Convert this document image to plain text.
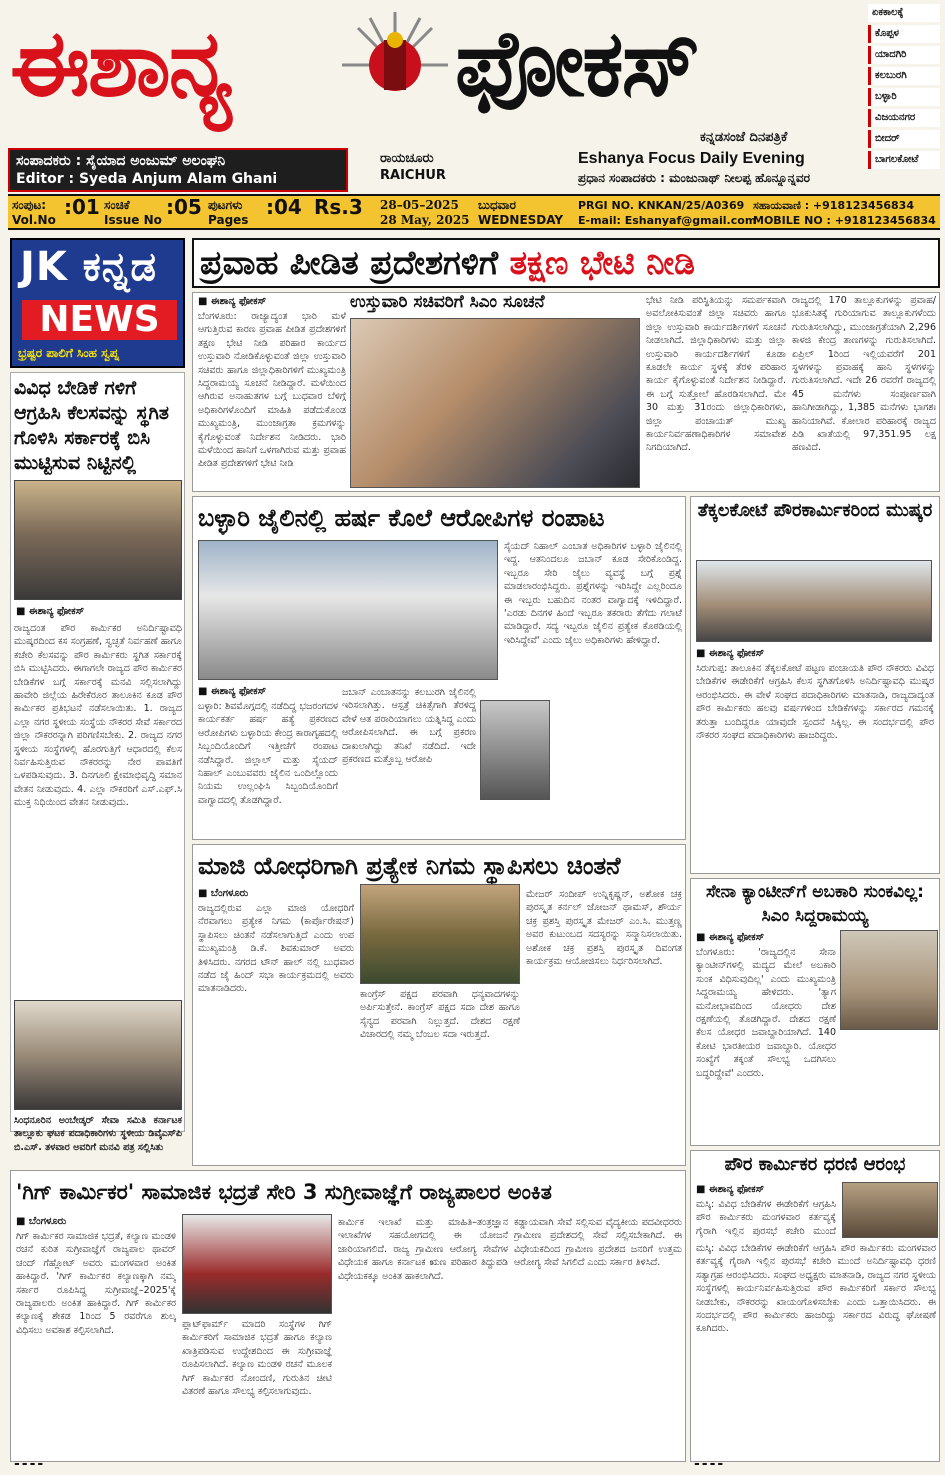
ಈಶಾನ್ಯ ಫೋಕಸ್	ಏಕಕಾಲಕ್ಕೆ
ಕೊಪ್ಪಳ
ಯಾದಗಿರಿ
ಕಲಬುರಗಿ
ಬಳ್ಳಾರಿ
ವಿಜಯನಗರ
ಬೀದರ್
ಬಾಗಲಕೋಟೆ
ಕನ್ನಡಸಂಜೆ ದಿನಪತ್ರಿಕೆ
ಸಂಪಾದಕರು : ಸೈಯಾದ ಅಂಜುಮ್ ಅಲಂಘನಿ
Editor : Syeda Anjum Alam Ghani
ರಾಯಚೂರು
RAICHUR
Eshanya Focus Daily Evening
ಪ್ರಧಾನ ಸಂಪಾದಕರು : ಮಂಜುನಾಥ್ ನೀಲಪ್ಪ ಹೊನ್ನೂನ್ನವರ
ಸಂಪುಟ:
Vol.No
:01 ಸಂಚಿಕೆ
Issue No
:05 ಪುಟಗಳು
Pages
:04 Rs.3 28–05–2025
28 May, 2025
ಬುಧವಾರ
WEDNESDAY
PRGI NO. KNKAN/25/A0369
E-mail: Eshanyaf@gmail.com
ಸಹಾಯವಾಣಿ : +918123456834
MOBILE NO : +918123456834
JK ಕನ್ನಡ
NEWS
ಭ್ರಷ್ಟರ ಪಾಲಿಗೆ ಸಿಂಹ ಸ್ವಪ್ನ
ವಿವಿಧ ಬೇಡಿಕೆ ಗಳಿಗೆ ಆಗ್ರಹಿಸಿ ಕೆಲಸವನ್ನು ಸ್ಥಗಿತ ಗೊಳಿಸಿ ಸರ್ಕಾರಕ್ಕೆ ಬಿಸಿ ಮುಟ್ಟಿಸುವ ನಿಟ್ಟಿನಲ್ಲಿ
■ ಈಶಾನ್ಯ ಫೋಕಸ್
ರಾಜ್ಯದಂತ ಪೌರ ಕಾರ್ಮಿಕರ ಅನಿರ್ದಿಷ್ಟಾವಧಿ ಮುಷ್ಕರದಿಂದ ಕಸ ಸಂಗ್ರಹಣೆ, ಸ್ವಚ್ಛತೆ ನಿರ್ವಹಣೆ ಹಾಗೂ ಕಚೇರಿ ಕೆಲಸವನ್ನು ಪೌರ ಕಾರ್ಮಿಕರು ಸ್ಥಗಿತ ಸರ್ಕಾರಕ್ಕೆ ಬಿಸಿ ಮುಟ್ಟಿಸಿದರು. ಈಗಾಗಲೇ ರಾಜ್ಯದ ಪೌರ ಕಾರ್ಮಿಕರ ಬೇಡಿಕೆಗಳ ಬಗ್ಗೆ ಸರ್ಕಾರಕ್ಕೆ ಮನವಿ ಸಲ್ಲಿಸಲಾಗಿದ್ದು ಹಾವೇರಿ ಜಿಲ್ಲೆಯ ಹಿರೇಕೆರೂರ ತಾಲೂಕಿನ ಕೂಡ ಪೌರ ಕಾರ್ಮಿಕರ ಪ್ರತಿಭಟನೆ ನಡೆಸಲಾಯಿತು. 1. ರಾಜ್ಯದ ಎಲ್ಲಾ ನಗರ ಸ್ಥಳೀಯ ಸಂಸ್ಥೆಯ ನೌಕರರ ಸೇವೆ ಸರ್ಕಾರದ ಜಿಲ್ಲಾ ನೌಕರರನ್ನಾಗಿ ಪರಿಗಣಿಸಬೇಕು. 2. ರಾಜ್ಯದ ನಗರ ಸ್ಥಳೀಯ ಸಂಸ್ಥೆಗಳಲ್ಲಿ ಹೊರಗುತ್ತಿಗೆ ಆಧಾರದಲ್ಲಿ ಕೆಲಸ ನಿರ್ವಹಿಸುತ್ತಿರುವ ನೌಕರರನ್ನು ನೇರ ಪಾವತಿಗೆ ಒಳಪಡಿಸುವುದು. 3. ದಿನಗೂಲಿ ಕ್ಷೇಮಾಭಿವೃದ್ಧಿ ಸಮಾನ ವೇತನ ನೀಡುವುದು. 4. ಎಲ್ಲಾ ನೌಕರರಿಗೆ ಎಸ್.ಎಫ್.ಸಿ ಮುಕ್ತ ನಿಧಿಯಿಂದ ವೇತನ ನೀಡುವುದು.
ಸಿಂಧನೂರಿನ ಅಂಬೇಡ್ಕರ್ ಸೇವಾ ಸಮಿತಿ ಕರ್ನಾಟಕ ತಾಲ್ಲೂಕು ಘಟಕ ಪದಾಧಿಕಾರಿಗಳು ಸ್ಥಳೀಯ ಡಿವೈಎಸ್‌ಪಿ ಬಿ.ಎಸ್. ತಳವಾರ ಅವರಿಗೆ ಮನವಿ ಪತ್ರ ಸಲ್ಲಿಸಿತು
ಪ್ರವಾಹ ಪೀಡಿತ ಪ್ರದೇಶಗಳಿಗೆ ತಕ್ಷಣ ಭೇಟಿ ನೀಡಿ
■ ಈಶಾನ್ಯ ಫೋಕಸ್	ಉಸ್ತುವಾರಿ ಸಚಿವರಿಗೆ ಸಿಎಂ ಸೂಚನೆ
ಬೆಂಗಳೂರು: ರಾಜ್ಯಾದ್ಯಂತ ಭಾರಿ ಮಳೆ ಆಗುತ್ತಿರುವ ಕಾರಣ ಪ್ರವಾಹ ಪೀಡಿತ ಪ್ರದೇಶಗಳಿಗೆ ತಕ್ಷಣ ಭೇಟಿ ನೀಡಿ ಪರಿಹಾರ ಕಾರ್ಯದ ಉಸ್ತುವಾರಿ ನೋಡಿಕೊಳ್ಳುವಂತೆ ಜಿಲ್ಲಾ ಉಸ್ತುವಾರಿ ಸಚಿವರು ಹಾಗೂ ಜಿಲ್ಲಾಧಿಕಾರಿಗಳಿಗೆ ಮುಖ್ಯಮಂತ್ರಿ ಸಿದ್ದರಾಮಯ್ಯ ಸೂಚನೆ ನೀಡಿದ್ದಾರೆ. ಮಳೆಯಿಂದ ಆಗಿರುವ ಅನಾಹುತಗಳ ಬಗ್ಗೆ ಬುಧವಾರ ಬೆಳಿಗ್ಗೆ ಅಧಿಕಾರಿಗಳೊಂದಿಗೆ ಮಾಹಿತಿ ಪಡೆದುಕೊಂಡ ಮುಖ್ಯಮಂತ್ರಿ, ಮುಂಜಾಗ್ರತಾ ಕ್ರಮಗಳನ್ನು ಕೈಗೊಳ್ಳುವಂತೆ ನಿರ್ದೇಶನ ನೀಡಿದರು. ಭಾರಿ ಮಳೆಯಿಂದ ಹಾನಿಗೆ ಒಳಗಾಗಿರುವ ಮತ್ತು ಪ್ರವಾಹ ಪೀಡಿತ ಪ್ರದೇಶಗಳಿಗೆ ಭೇಟಿ ನೀಡಿ
ಭೇಟಿ ನೀಡಿ ಪರಿಸ್ಥಿತಿಯನ್ನು ಸಮರ್ಪಕವಾಗಿ ಅವಲೋಕಿಸುವಂತೆ ಜಿಲ್ಲಾ ಸಚಿವರು ಹಾಗೂ ಜಿಲ್ಲಾ ಉಸ್ತುವಾರಿ ಕಾರ್ಯದರ್ಶಿಗಳಿಗೆ ಸೂಚನೆ ನೀಡಲಾಗಿದೆ. ಜಿಲ್ಲಾಧಿಕಾರಿಗಳು ಮತ್ತು ಜಿಲ್ಲಾ ಉಸ್ತುವಾರಿ ಕಾರ್ಯದರ್ಶಿಗಳಿಗೆ ಕೂಡಾ ಕೂಡಲೇ ಕಾರ್ಯ ಸ್ಥಳಕ್ಕೆ ತೆರಳಿ ಪರಿಹಾರ ಕಾರ್ಯ ಕೈಗೊಳ್ಳುವಂತೆ ನಿರ್ದೇಶನ ನೀಡಿದ್ದಾರೆ. ಈ ಬಗ್ಗೆ ಸುತ್ತೋಲೆ ಹೊರಡಿಸಲಾಗಿದೆ. ಮೇ 30 ಮತ್ತು 31ರಂದು ಜಿಲ್ಲಾಧಿಕಾರಿಗಳು, ಜಿಲ್ಲಾ ಪಂಚಾಯತ್ ಮುಖ್ಯ ಕಾರ್ಯನಿರ್ವಹಣಾಧಿಕಾರಿಗಳ ಸಮಾವೇಶ ನಿಗದಿಯಾಗಿದೆ.
ರಾಜ್ಯದಲ್ಲಿ 170 ತಾಲ್ಲೂಕುಗಳನ್ನು ಪ್ರವಾಹ/ಭೂಕುಸಿತಕ್ಕೆ ಗುರಿಯಾಗುವ ತಾಲ್ಲೂಕುಗಳೆಂದು ಗುರುತಿಸಲಾಗಿದ್ದು, ಮುಂಜಾಗ್ರತೆಯಾಗಿ 2,296 ಕಾಳಜಿ ಕೇಂದ್ರ ತಾಣಗಳನ್ನು ಗುರುತಿಸಲಾಗಿದೆ. ಏಪ್ರಿಲ್ 1ರಿಂದ ಇಲ್ಲಿಯವರೆಗೆ 201 ಸ್ಥಳಗಳನ್ನು ಪ್ರವಾಹಕ್ಕೆ ಹಾನಿ ಸ್ಥಳಗಳನ್ನು ಗುರುತಿಸಲಾಗಿದೆ. ಇದೇ 26 ರವರೆಗೆ ರಾಜ್ಯದಲ್ಲಿ 45 ಮನೆಗಳು ಸಂಪೂರ್ಣವಾಗಿ ಹಾನಿಗೀಡಾಗಿದ್ದು, 1,385 ಮನೆಗಳು ಭಾಗಶಃ ಹಾನಿಯಾಗಿವೆ. ಕೋಲಾರ ಪರಿಹಾರಕ್ಕೆ ರಾಜ್ಯದ ಪಿಡಿ ಖಾತೆಯಲ್ಲಿ 97,351.95 ಲಕ್ಷ ಹಣವಿದೆ.
ಬಳ್ಳಾರಿ ಜೈಲಿನಲ್ಲಿ ಹರ್ಷ ಕೊಲೆ ಆರೋಪಿಗಳ ರಂಪಾಟ
■ ಈಶಾನ್ಯ ಫೋಕಸ್
ಬಳ್ಳಾರಿ: ಶಿವಮೊಗ್ಗದಲ್ಲಿ ನಡೆದಿದ್ದ ಭಜರಂಗದಳ ಕಾರ್ಯಕರ್ತ ಹರ್ಷ ಹತ್ಯೆ ಪ್ರಕರಣದ ಆರೋಪಿಗಳು ಬಳ್ಳಾರಿಯ ಕೇಂದ್ರ ಕಾರಾಗೃಹದಲ್ಲಿ ಸಿಬ್ಬಂದಿಯೊಂದಿಗೆ ಇತ್ತೀಚೆಗೆ ರಂಪಾಟ ನಡೆಸಿದ್ದಾರೆ. ಜಿಲ್ಲಾಲ್ ಮತ್ತು ಸೈಯದ್ ನಿಹಾಲ್ ಎಂಬುವವರು ಜೈಲಿನ ಒಂದಿಲ್ಲೊಂದು ನಿಯಮ ಉಲ್ಲಂಘಿಸಿ ಸಿಬ್ಬಂದಿಯೊಂದಿಗೆ ವಾಗ್ವಾದದಲ್ಲಿ ತೊಡಗಿದ್ದಾರೆ.
ಜಬಾನ್ ಎಂಬಾತನನ್ನು ಕಲಬುರಗಿ ಜೈಲಿನಲ್ಲಿ ಇರಿಸಲಾಗಿತ್ತು. ಆಸ್ಪತ್ರೆ ಚಿಕಿತ್ಸೆಗಾಗಿ ತೆರಳಿದ್ದ ವೇಳೆ ಆತ ಪರಾರಿಯಾಗಲು ಯತ್ನಿಸಿದ್ದ ಎಂದು ಆರೋಪಿಸಲಾಗಿದೆ. ಈ ಬಗ್ಗೆ ಪ್ರಕರಣ ದಾಖಲಾಗಿದ್ದು ತನಿಖೆ ನಡೆದಿದೆ. ಇದೇ ಪ್ರಕರಣದ ಮತ್ತೊಬ್ಬ ಆರೋಪಿ
ಸೈಯದ್ ನಿಹಾಲ್ ಎಂಬಾತ ಅಧಿಕಾರಿಗಳ ಬಳ್ಳಾರಿ ಜೈಲಿನಲ್ಲಿ ಇದ್ದ. ಆತನಿಂದಲೂ ಜಬಾನ್ ಕೂಡ ಸೇರಿಕೊಂಡಿದ್ದ. ಇಬ್ಬರೂ ಸೇರಿ ಜೈಲು ವ್ಯವಸ್ಥೆ ಬಗ್ಗೆ ಪ್ರಶ್ನೆ ಮಾಡಲಾರಂಭಿಸಿದ್ದರು. ಪ್ರಶ್ನೆಗಳನ್ನು ಇರಿಸಿದ್ದೇ ಎಲ್ಲರಿಂದೂ ಈ ಇಬ್ಬರು ಬಹುದಿನ ನಂತರ ವಾಗ್ವಾದಕ್ಕೆ ಇಳಿದಿದ್ದಾರೆ. 'ಎರಡು ದಿನಗಳ ಹಿಂದೆ ಇಬ್ಬರೂ ತಕರಾರು ತೆಗೆದು ಗಲಾಟೆ ಮಾಡಿದ್ದಾರೆ. ಸದ್ಯ ಇಬ್ಬರೂ ಜೈಲಿನ ಪ್ರತ್ಯೇಕ ಕೊಠಡಿಯಲ್ಲಿ ಇರಿಸಿದ್ದೇವೆ' ಎಂದು ಜೈಲು ಅಧಿಕಾರಿಗಳು ಹೇಳಿದ್ದಾರೆ.
ತೆಕ್ಕಲಕೋಟೆ ಪೌರಕಾರ್ಮಿಕರಿಂದ ಮುಷ್ಕರ
■ ಈಶಾನ್ಯ ಫೋಕಸ್
ಸಿರುಗುಪ್ಪ: ತಾಲೂಕಿನ ತೆಕ್ಕಲಕೋಟೆ ಪಟ್ಟಣ ಪಂಚಾಯತಿ ಪೌರ ನೌಕರರು ವಿವಿಧ ಬೇಡಿಕೆಗಳ ಈಡೇರಿಕೆಗೆ ಆಗ್ರಹಿಸಿ ಕೆಲಸ ಸ್ಥಗಿತಗೊಳಿಸಿ ಅನಿರ್ದಿಷ್ಟಾವಧಿ ಮುಷ್ಕರ ಆರಂಭಿಸಿದರು. ಈ ವೇಳೆ ಸಂಘದ ಪದಾಧಿಕಾರಿಗಳು ಮಾತನಾಡಿ, ರಾಜ್ಯದಾದ್ಯಂತ ಪೌರ ಕಾರ್ಮಿಕರು ಹಲವು ವರ್ಷಗಳಿಂದ ಬೇಡಿಕೆಗಳನ್ನು ಸರ್ಕಾರದ ಗಮನಕ್ಕೆ ತರುತ್ತಾ ಬಂದಿದ್ದರೂ ಯಾವುದೇ ಸ್ಪಂದನೆ ಸಿಕ್ಕಿಲ್ಲ. ಈ ಸಂದರ್ಭದಲ್ಲಿ ಪೌರ ನೌಕರರ ಸಂಘದ ಪದಾಧಿಕಾರಿಗಳು ಹಾಜರಿದ್ದರು.
ಮಾಜಿ ಯೋಧರಿಗಾಗಿ ಪ್ರತ್ಯೇಕ ನಿಗಮ ಸ್ಥಾಪಿಸಲು ಚಿಂತನೆ
■ ಬೆಂಗಳೂರು
ರಾಜ್ಯದಲ್ಲಿರುವ ಎಲ್ಲಾ ಮಾಜಿ ಯೋಧರಿಗೆ ನೆರವಾಗಲು ಪ್ರತ್ಯೇಕ ನಿಗಮ (ಕಾರ್ಪೊರೇಷನ್) ಸ್ಥಾಪಿಸಲು ಚಿಂತನೆ ನಡೆಸಲಾಗುತ್ತಿದೆ ಎಂದು ಉಪ ಮುಖ್ಯಮಂತ್ರಿ ಡಿ.ಕೆ. ಶಿವಕುಮಾರ್ ಅವರು ತಿಳಿಸಿದರು. ನಗರದ ಟೌನ್ ಹಾಲ್ ನಲ್ಲಿ ಬುಧವಾರ ನಡೆದ ಜೈ ಹಿಂದ್ ಸಭಾ ಕಾರ್ಯಕ್ರಮದಲ್ಲಿ ಅವರು ಮಾತನಾಡಿದರು.
ಕಾಂಗ್ರೆಸ್ ಪಕ್ಷದ ಪರವಾಗಿ ಧನ್ಯವಾದಗಳನ್ನು ಅರ್ಪಿಸುತ್ತೇನೆ. ಕಾಂಗ್ರೆಸ್ ಪಕ್ಷದ ಸದಾ ದೇಶ ಹಾಗೂ ಸೈನ್ಯದ ಪರವಾಗಿ ನಿಲ್ಲುತ್ತದೆ. ದೇಶದ ರಕ್ಷಣೆ ವಿಚಾರದಲ್ಲಿ ನಮ್ಮ ಬೆಂಬಲ ಸದಾ ಇರುತ್ತದೆ.
ಮೇಜರ್ ಸಂದೀಪ್ ಉನ್ನಿಕೃಷ್ಣನ್, ಅಶೋಕ ಚಕ್ರ ಪುರಸ್ಕೃತ ಕರ್ನಲ್ ಜೋಜನ್ ಥಾಮಸ್, ಶೌರ್ಯ ಚಕ್ರ ಪ್ರಶಸ್ತಿ ಪುರಸ್ಕೃತ ಮೇಜರ್ ಎಂ.ಸಿ. ಮುತ್ತಣ್ಣ ಅವರ ಕುಟುಂಬದ ಸದಸ್ಯರನ್ನು ಸನ್ಮಾನಿಸಲಾಯಿತು. ಅಶೋಕ ಚಕ್ರ ಪ್ರಶಸ್ತಿ ಪುರಸ್ಕೃತ ದಿವಂಗತ ಕಾರ್ಯಕ್ರಮ ಆಯೋಜಿಸಲು ನಿರ್ಧರಿಸಲಾಗಿದೆ.
ಸೇನಾ ಕ್ಯಾಂಟೀನ್‌ಗೆ ಅಬಕಾರಿ ಸುಂಕವಿಲ್ಲ: ಸಿಎಂ ಸಿದ್ದರಾಮಯ್ಯ
■ ಈಶಾನ್ಯ ಫೋಕಸ್
ಬೆಂಗಳೂರು: 'ರಾಜ್ಯದಲ್ಲಿನ ಸೇನಾ ಕ್ಯಾಂಟೀನ್‌ಗಳಲ್ಲಿ ಮದ್ಯದ ಮೇಲೆ ಅಬಕಾರಿ ಸುಂಕ ವಿಧಿಸುವುದಿಲ್ಲ' ಎಂದು ಮುಖ್ಯಮಂತ್ರಿ ಸಿದ್ದರಾಮಯ್ಯ ಹೇಳಿದರು. 'ತ್ಯಾಗ ಮನೋಭಾವದಿಂದ ಯೋಧರು ದೇಶ ರಕ್ಷಣೆಯಲ್ಲಿ ತೊಡಗಿದ್ದಾರೆ. ದೇಶದ ರಕ್ಷಣೆ ಕೆಲಸ ಯೋಧರ ಜವಾಬ್ದಾರಿಯಾಗಿದೆ. 140 ಕೋಟಿ ಭಾರತೀಯರ ಜವಾಬ್ದಾರಿ. ಯೋಧರ ಸಂಖ್ಯೆಗೆ ತಕ್ಕಂತೆ ಸೌಲಭ್ಯ ಒದಗಿಸಲು ಬದ್ಧರಿದ್ದೇವೆ' ಎಂದರು.
ಪೌರ ಕಾರ್ಮಿಕರ ಧರಣಿ ಆರಂಭ
■ ಈಶಾನ್ಯ ಫೋಕಸ್
ಮಸ್ಕಿ: ವಿವಿಧ ಬೇಡಿಕೆಗಳ ಈಡೇರಿಕೆಗೆ ಆಗ್ರಹಿಸಿ ಪೌರ ಕಾರ್ಮಿಕರು ಮಂಗಳವಾರ ಕರ್ತವ್ಯಕ್ಕೆ ಗೈರಾಗಿ ಇಲ್ಲಿನ ಪುರಸಭೆ ಕಚೇರಿ ಮುಂದೆ
ಮಸ್ಕಿ: ವಿವಿಧ ಬೇಡಿಕೆಗಳ ಈಡೇರಿಕೆಗೆ ಆಗ್ರಹಿಸಿ ಪೌರ ಕಾರ್ಮಿಕರು ಮಂಗಳವಾರ ಕರ್ತವ್ಯಕ್ಕೆ ಗೈರಾಗಿ ಇಲ್ಲಿನ ಪುರಸಭೆ ಕಚೇರಿ ಮುಂದೆ ಅನಿರ್ದಿಷ್ಟಾವಧಿ ಧರಣಿ ಸತ್ಯಾಗ್ರಹ ಆರಂಭಿಸಿದರು. ಸಂಘದ ಅಧ್ಯಕ್ಷರು ಮಾತನಾಡಿ, ರಾಜ್ಯದ ನಗರ ಸ್ಥಳೀಯ ಸಂಸ್ಥೆಗಳಲ್ಲಿ ಕಾರ್ಯನಿರ್ವಹಿಸುತ್ತಿರುವ ಪೌರ ಕಾರ್ಮಿಕರಿಗೆ ಸರ್ಕಾರ ಸೌಲಭ್ಯ ನೀಡಬೇಕು, ನೌಕರರನ್ನು ಖಾಯಂಗೊಳಿಸಬೇಕು ಎಂದು ಒತ್ತಾಯಿಸಿದರು. ಈ ಸಂದರ್ಭದಲ್ಲಿ ಪೌರ ಕಾರ್ಮಿಕರು ಹಾಜರಿದ್ದು ಸರ್ಕಾರದ ವಿರುದ್ಧ ಘೋಷಣೆ ಕೂಗಿದರು.
'ಗಿಗ್ ಕಾರ್ಮಿಕರ' ಸಾಮಾಜಿಕ ಭದ್ರತೆ ಸೇರಿ 3 ಸುಗ್ರೀವಾಜ್ಞೆಗೆ ರಾಜ್ಯಪಾಲರ ಅಂಕಿತ
■ ಬೆಂಗಳೂರು
ಗಿಗ್ ಕಾರ್ಮಿಕರ ಸಾಮಾಜಿಕ ಭದ್ರತೆ, ಕಲ್ಯಾಣ ಮಂಡಳಿ ರಚನೆ ಕುರಿತ ಸುಗ್ರೀವಾಜ್ಞೆಗೆ ರಾಜ್ಯಪಾಲ ಥಾವರ್ ಚಂದ್ ಗೆಹ್ಲೋಟ್ ಅವರು ಮಂಗಳವಾರ ಅಂಕಿತ ಹಾಕಿದ್ದಾರೆ. 'ಗಿಗ್ ಕಾರ್ಮಿಕರ ಕಲ್ಯಾಣಕ್ಕಾಗಿ ನಮ್ಮ ಸರ್ಕಾರ ರೂಪಿಸಿದ್ದ ಸುಗ್ರೀವಾಜ್ಞೆ–2025'ಕ್ಕೆ ರಾಜ್ಯಪಾಲರು ಅಂಕಿತ ಹಾಕಿದ್ದಾರೆ. ಗಿಗ್ ಕಾರ್ಮಿಕರ ಕಲ್ಯಾಣಕ್ಕೆ ಶೇಕಡ 1ರಿಂದ 5 ರವರೆಗೂ ಶುಲ್ಕ ವಿಧಿಸಲು ಅವಕಾಶ ಕಲ್ಪಿಸಲಾಗಿದೆ.
ಪ್ಲಾಟ್‌ಫಾರ್ಮ್ ಮಾದರಿ ಸಂಸ್ಥೆಗಳ ಗಿಗ್ ಕಾರ್ಮಿಕರಿಗೆ ಸಾಮಾಜಿಕ ಭದ್ರತೆ ಹಾಗೂ ಕಲ್ಯಾಣ ಖಾತ್ರಿಪಡಿಸುವ ಉದ್ದೇಶದಿಂದ ಈ ಸುಗ್ರೀವಾಜ್ಞೆ ರೂಪಿಸಲಾಗಿದೆ. ಕಲ್ಯಾಣ ಮಂಡಳಿ ರಚನೆ ಮೂಲಕ ಗಿಗ್ ಕಾರ್ಮಿಕರ ನೋಂದಣಿ, ಗುರುತಿನ ಚೀಟಿ ವಿತರಣೆ ಹಾಗೂ ಸೌಲಭ್ಯ ಕಲ್ಪಿಸಲಾಗುವುದು.
ಕಾರ್ಮಿಕ ಇಲಾಖೆ ಮತ್ತು ಮಾಹಿತಿ–ತಂತ್ರಜ್ಞಾನ ಇಲಾಖೆಗಳ ಸಹಯೋಗದಲ್ಲಿ ಈ ಯೋಜನೆ ಜಾರಿಯಾಗಲಿದೆ. ರಾಜ್ಯ ಗ್ರಾಮೀಣ ಆರೋಗ್ಯ ಸೇವೆಗಳ ವಿಧೇಯಕ ಹಾಗೂ ಕರ್ನಾಟಕ ಋಣ ಪರಿಹಾರ ತಿದ್ದುಪಡಿ ವಿಧೇಯಕಕ್ಕೂ ಅಂಕಿತ ಹಾಕಲಾಗಿದೆ.
ಕಡ್ಡಾಯವಾಗಿ ಸೇವೆ ಸಲ್ಲಿಸುವ ವೈದ್ಯಕೀಯ ಪದವೀಧರರು ಗ್ರಾಮೀಣ ಪ್ರದೇಶದಲ್ಲಿ ಸೇವೆ ಸಲ್ಲಿಸಬೇಕಾಗಿದೆ. ಈ ವಿಧೇಯಕದಿಂದ ಗ್ರಾಮೀಣ ಪ್ರದೇಶದ ಜನರಿಗೆ ಉತ್ತಮ ಆರೋಗ್ಯ ಸೇವೆ ಸಿಗಲಿದೆ ಎಂದು ಸರ್ಕಾರ ತಿಳಿಸಿದೆ.
----	----
